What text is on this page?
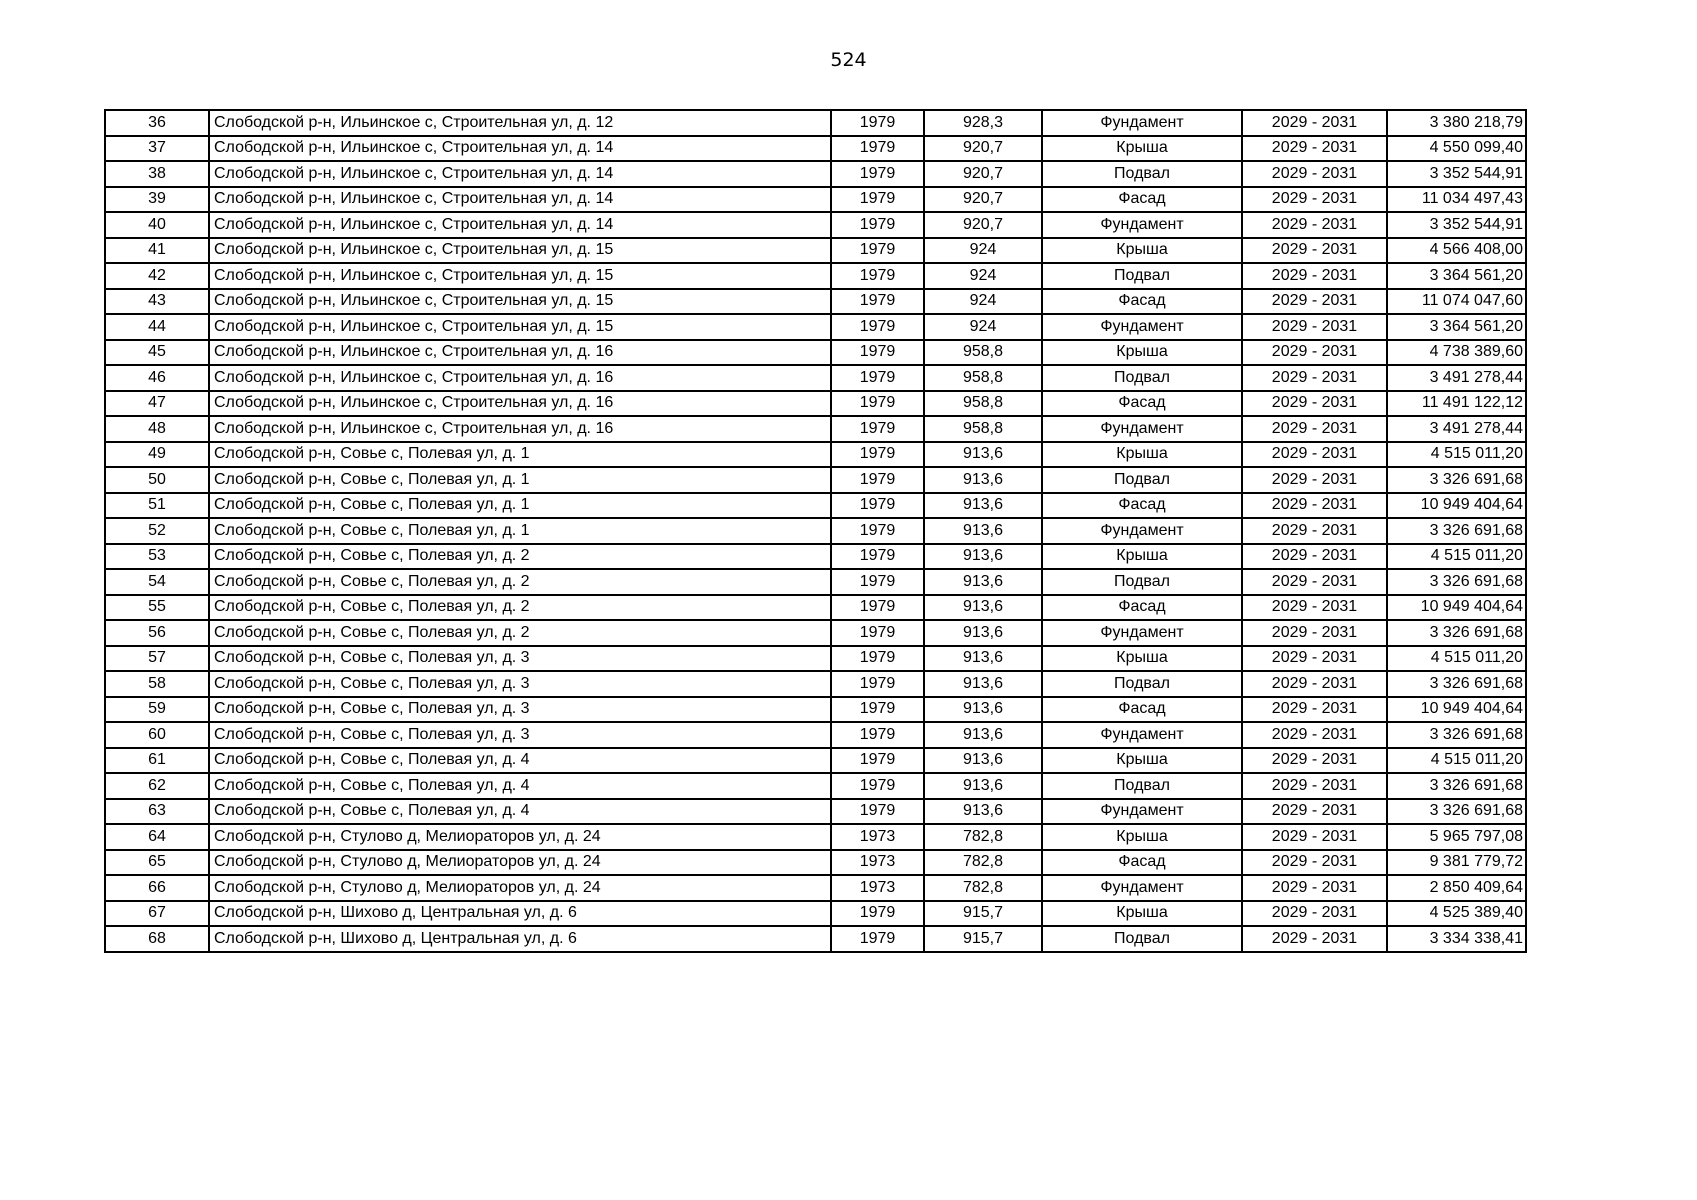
524
36	Слободской р-н, Ильинское с, Строительная ул, д. 12	1979	928,3	Фундамент	2029 - 2031	3 380 218,79
37	Слободской р-н, Ильинское с, Строительная ул, д. 14	1979	920,7	Крыша	2029 - 2031	4 550 099,40
38	Слободской р-н, Ильинское с, Строительная ул, д. 14	1979	920,7	Подвал	2029 - 2031	3 352 544,91
39	Слободской р-н, Ильинское с, Строительная ул, д. 14	1979	920,7	Фасад	2029 - 2031	11 034 497,43
40	Слободской р-н, Ильинское с, Строительная ул, д. 14	1979	920,7	Фундамент	2029 - 2031	3 352 544,91
41	Слободской р-н, Ильинское с, Строительная ул, д. 15	1979	924	Крыша	2029 - 2031	4 566 408,00
42	Слободской р-н, Ильинское с, Строительная ул, д. 15	1979	924	Подвал	2029 - 2031	3 364 561,20
43	Слободской р-н, Ильинское с, Строительная ул, д. 15	1979	924	Фасад	2029 - 2031	11 074 047,60
44	Слободской р-н, Ильинское с, Строительная ул, д. 15	1979	924	Фундамент	2029 - 2031	3 364 561,20
45	Слободской р-н, Ильинское с, Строительная ул, д. 16	1979	958,8	Крыша	2029 - 2031	4 738 389,60
46	Слободской р-н, Ильинское с, Строительная ул, д. 16	1979	958,8	Подвал	2029 - 2031	3 491 278,44
47	Слободской р-н, Ильинское с, Строительная ул, д. 16	1979	958,8	Фасад	2029 - 2031	11 491 122,12
48	Слободской р-н, Ильинское с, Строительная ул, д. 16	1979	958,8	Фундамент	2029 - 2031	3 491 278,44
49	Слободской р-н, Совье с, Полевая ул, д. 1	1979	913,6	Крыша	2029 - 2031	4 515 011,20
50	Слободской р-н, Совье с, Полевая ул, д. 1	1979	913,6	Подвал	2029 - 2031	3 326 691,68
51	Слободской р-н, Совье с, Полевая ул, д. 1	1979	913,6	Фасад	2029 - 2031	10 949 404,64
52	Слободской р-н, Совье с, Полевая ул, д. 1	1979	913,6	Фундамент	2029 - 2031	3 326 691,68
53	Слободской р-н, Совье с, Полевая ул, д. 2	1979	913,6	Крыша	2029 - 2031	4 515 011,20
54	Слободской р-н, Совье с, Полевая ул, д. 2	1979	913,6	Подвал	2029 - 2031	3 326 691,68
55	Слободской р-н, Совье с, Полевая ул, д. 2	1979	913,6	Фасад	2029 - 2031	10 949 404,64
56	Слободской р-н, Совье с, Полевая ул, д. 2	1979	913,6	Фундамент	2029 - 2031	3 326 691,68
57	Слободской р-н, Совье с, Полевая ул, д. 3	1979	913,6	Крыша	2029 - 2031	4 515 011,20
58	Слободской р-н, Совье с, Полевая ул, д. 3	1979	913,6	Подвал	2029 - 2031	3 326 691,68
59	Слободской р-н, Совье с, Полевая ул, д. 3	1979	913,6	Фасад	2029 - 2031	10 949 404,64
60	Слободской р-н, Совье с, Полевая ул, д. 3	1979	913,6	Фундамент	2029 - 2031	3 326 691,68
61	Слободской р-н, Совье с, Полевая ул, д. 4	1979	913,6	Крыша	2029 - 2031	4 515 011,20
62	Слободской р-н, Совье с, Полевая ул, д. 4	1979	913,6	Подвал	2029 - 2031	3 326 691,68
63	Слободской р-н, Совье с, Полевая ул, д. 4	1979	913,6	Фундамент	2029 - 2031	3 326 691,68
64	Слободской р-н, Стулово д, Мелиораторов ул, д. 24	1973	782,8	Крыша	2029 - 2031	5 965 797,08
65	Слободской р-н, Стулово д, Мелиораторов ул, д. 24	1973	782,8	Фасад	2029 - 2031	9 381 779,72
66	Слободской р-н, Стулово д, Мелиораторов ул, д. 24	1973	782,8	Фундамент	2029 - 2031	2 850 409,64
67	Слободской р-н, Шихово д, Центральная ул, д. 6	1979	915,7	Крыша	2029 - 2031	4 525 389,40
68	Слободской р-н, Шихово д, Центральная ул, д. 6	1979	915,7	Подвал	2029 - 2031	3 334 338,41
